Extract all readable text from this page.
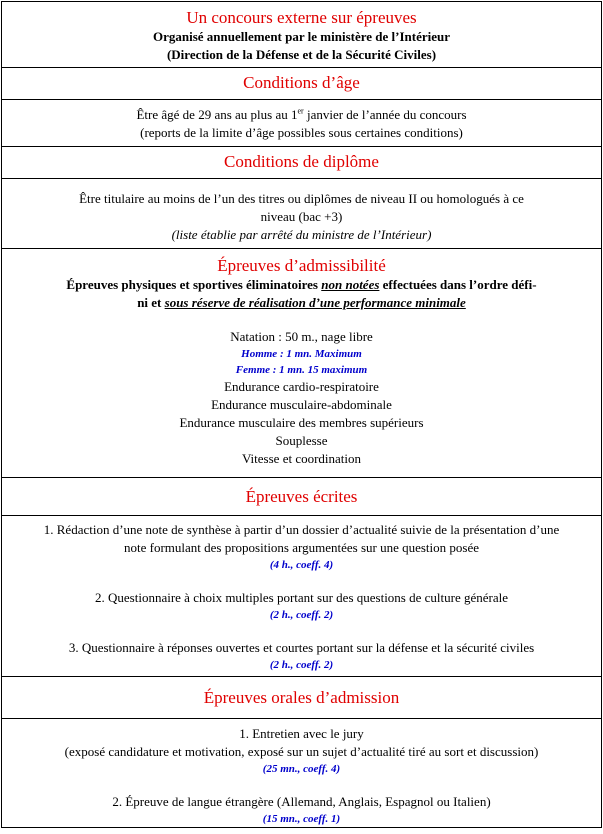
Un concours externe sur épreuves
Organisé annuellement par le ministère de l’Intérieur
(Direction de la Défense et de la Sécurité Civiles)
Conditions d’âge
Être âgé de 29 ans au plus au 1er janvier de l’année du concours
(reports de la limite d’âge possibles sous certaines conditions)
Conditions de diplôme
Être titulaire au moins de l’un des titres ou diplômes de niveau II ou homologués à ce
niveau (bac +3)
(liste établie par arrêté du ministre de l’Intérieur)
Épreuves d’admissibilité
Épreuves physiques et sportives éliminatoires non notées effectuées dans l’ordre défi-
ni et sous réserve de réalisation d’une performance minimale
Natation : 50 m., nage libre
Homme : 1 mn. Maximum
Femme : 1 mn. 15 maximum
Endurance cardio-respiratoire
Endurance musculaire-abdominale
Endurance musculaire des membres supérieurs
Souplesse
Vitesse et coordination
Épreuves écrites
1. Rédaction d’une note de synthèse à partir d’un dossier d’actualité suivie de la présentation d’une
note formulant des propositions argumentées sur une question posée
(4 h., coeff. 4)
2. Questionnaire à choix multiples portant sur des questions de culture générale
(2 h., coeff. 2)
3. Questionnaire à réponses ouvertes et courtes portant sur la défense et la sécurité civiles
(2 h., coeff. 2)
Épreuves orales d’admission
1. Entretien avec le jury
(exposé candidature et motivation, exposé sur un sujet d’actualité tiré au sort et discussion)
(25 mn., coeff. 4)
2. Épreuve de langue étrangère (Allemand, Anglais, Espagnol ou Italien)
(15 mn., coeff. 1)
